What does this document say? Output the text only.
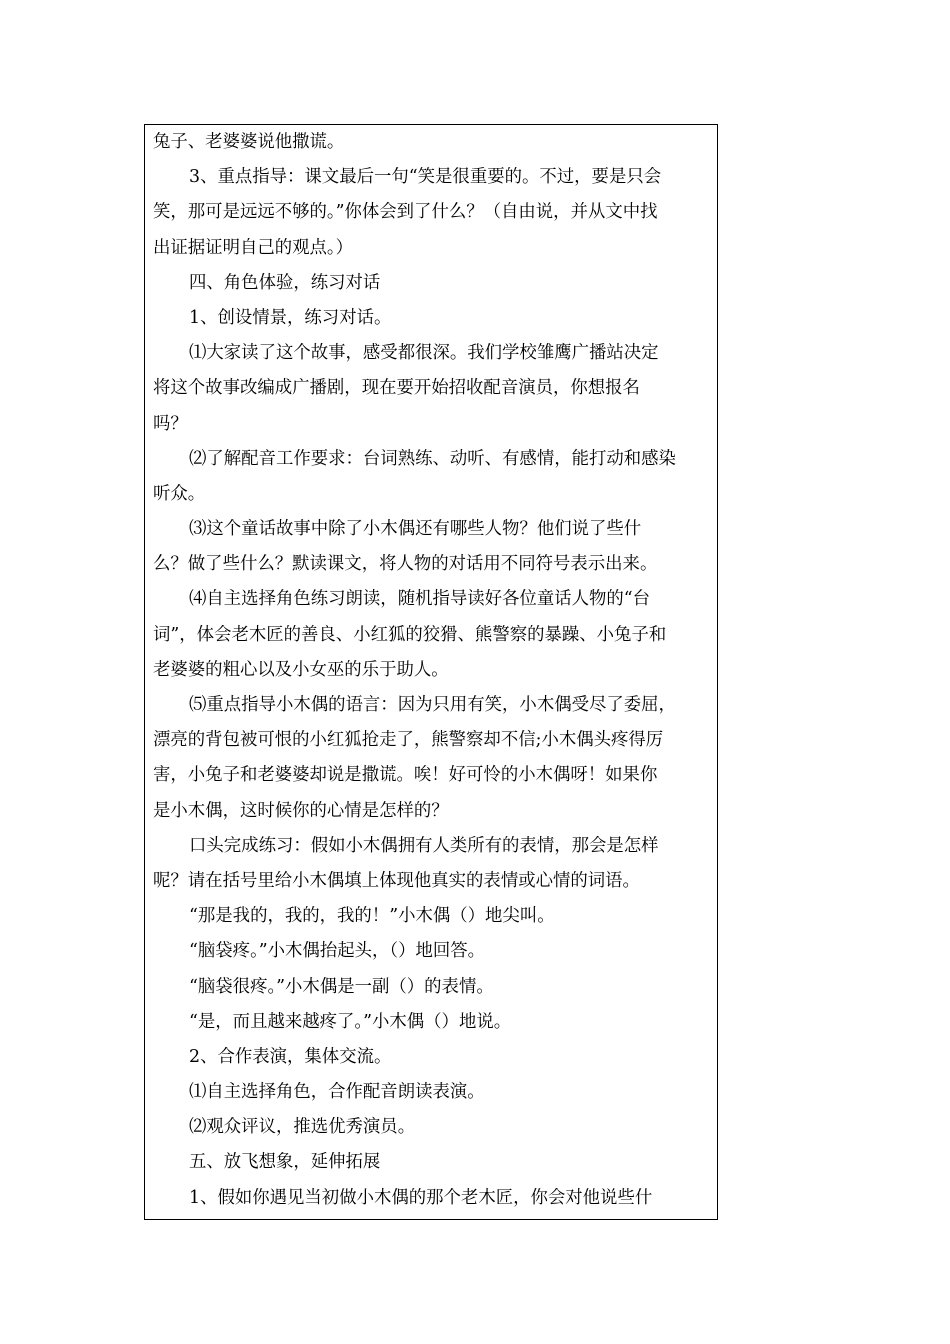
兔子、老婆婆说他撒谎。
3、重点指导：课文最后一句“笑是很重要的。不过，要是只会
笑，那可是远远不够的。”你体会到了什么？（自由说，并从文中找
出证据证明自己的观点。）
四、角色体验，练习对话
1、创设情景，练习对话。
⑴大家读了这个故事，感受都很深。我们学校雏鹰广播站决定
将这个故事改编成广播剧，现在要开始招收配音演员，你想报名
吗？
⑵了解配音工作要求：台词熟练、动听、有感情，能打动和感染
听众。
⑶这个童话故事中除了小木偶还有哪些人物？他们说了些什
么？做了些什么？默读课文，将人物的对话用不同符号表示出来。
⑷自主选择角色练习朗读，随机指导读好各位童话人物的“台
词”，体会老木匠的善良、小红狐的狡猾、熊警察的暴躁、小兔子和
老婆婆的粗心以及小女巫的乐于助人。
⑸重点指导小木偶的语言：因为只用有笑，小木偶受尽了委屈，
漂亮的背包被可恨的小红狐抢走了，熊警察却不信;小木偶头疼得厉
害，小兔子和老婆婆却说是撒谎。唉！好可怜的小木偶呀！如果你
是小木偶，这时候你的心情是怎样的？
口头完成练习：假如小木偶拥有人类所有的表情，那会是怎样
呢？请在括号里给小木偶填上体现他真实的表情或心情的词语。
“那是我的，我的，我的！”小木偶（）地尖叫。
“脑袋疼。”小木偶抬起头，（）地回答。
“脑袋很疼。”小木偶是一副（）的表情。
“是，而且越来越疼了。”小木偶（）地说。
2、合作表演，集体交流。
⑴自主选择角色，合作配音朗读表演。
⑵观众评议，推选优秀演员。
五、放飞想象，延伸拓展
1、假如你遇见当初做小木偶的那个老木匠，你会对他说些什
